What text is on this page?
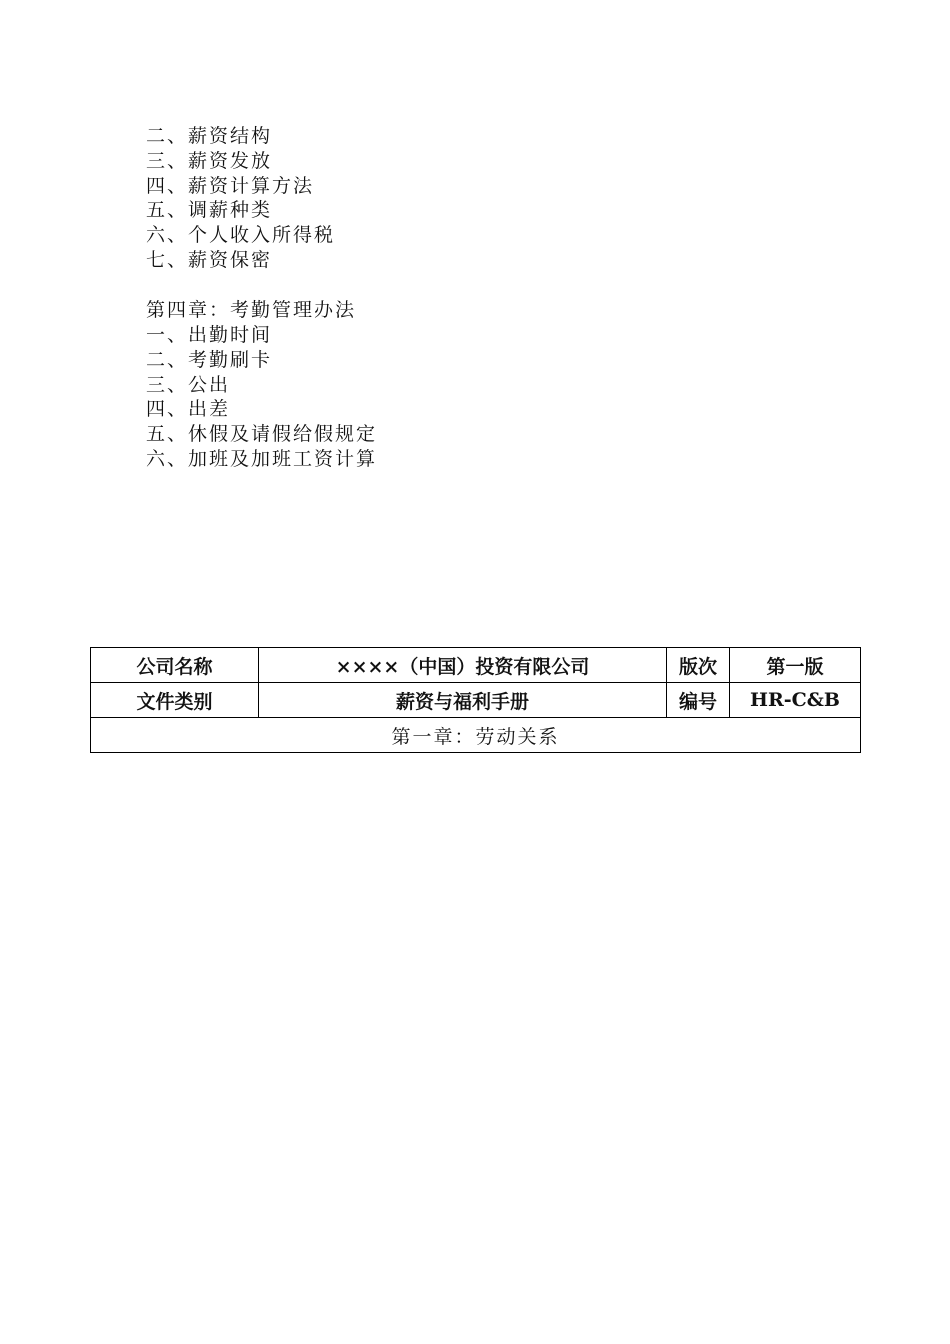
二、薪资结构
三、薪资发放
四、薪资计算方法
五、调薪种类
六、个人收入所得税
七、薪资保密
第四章：考勤管理办法
一、出勤时间
二、考勤刷卡
三、公出
四、出差
五、休假及请假给假规定
六、加班及加班工资计算
公司名称	××××（中国）投资有限公司	版次	第一版
文件类别	薪资与福利手册	编号	HR-C&B
第一章：劳动关系			
